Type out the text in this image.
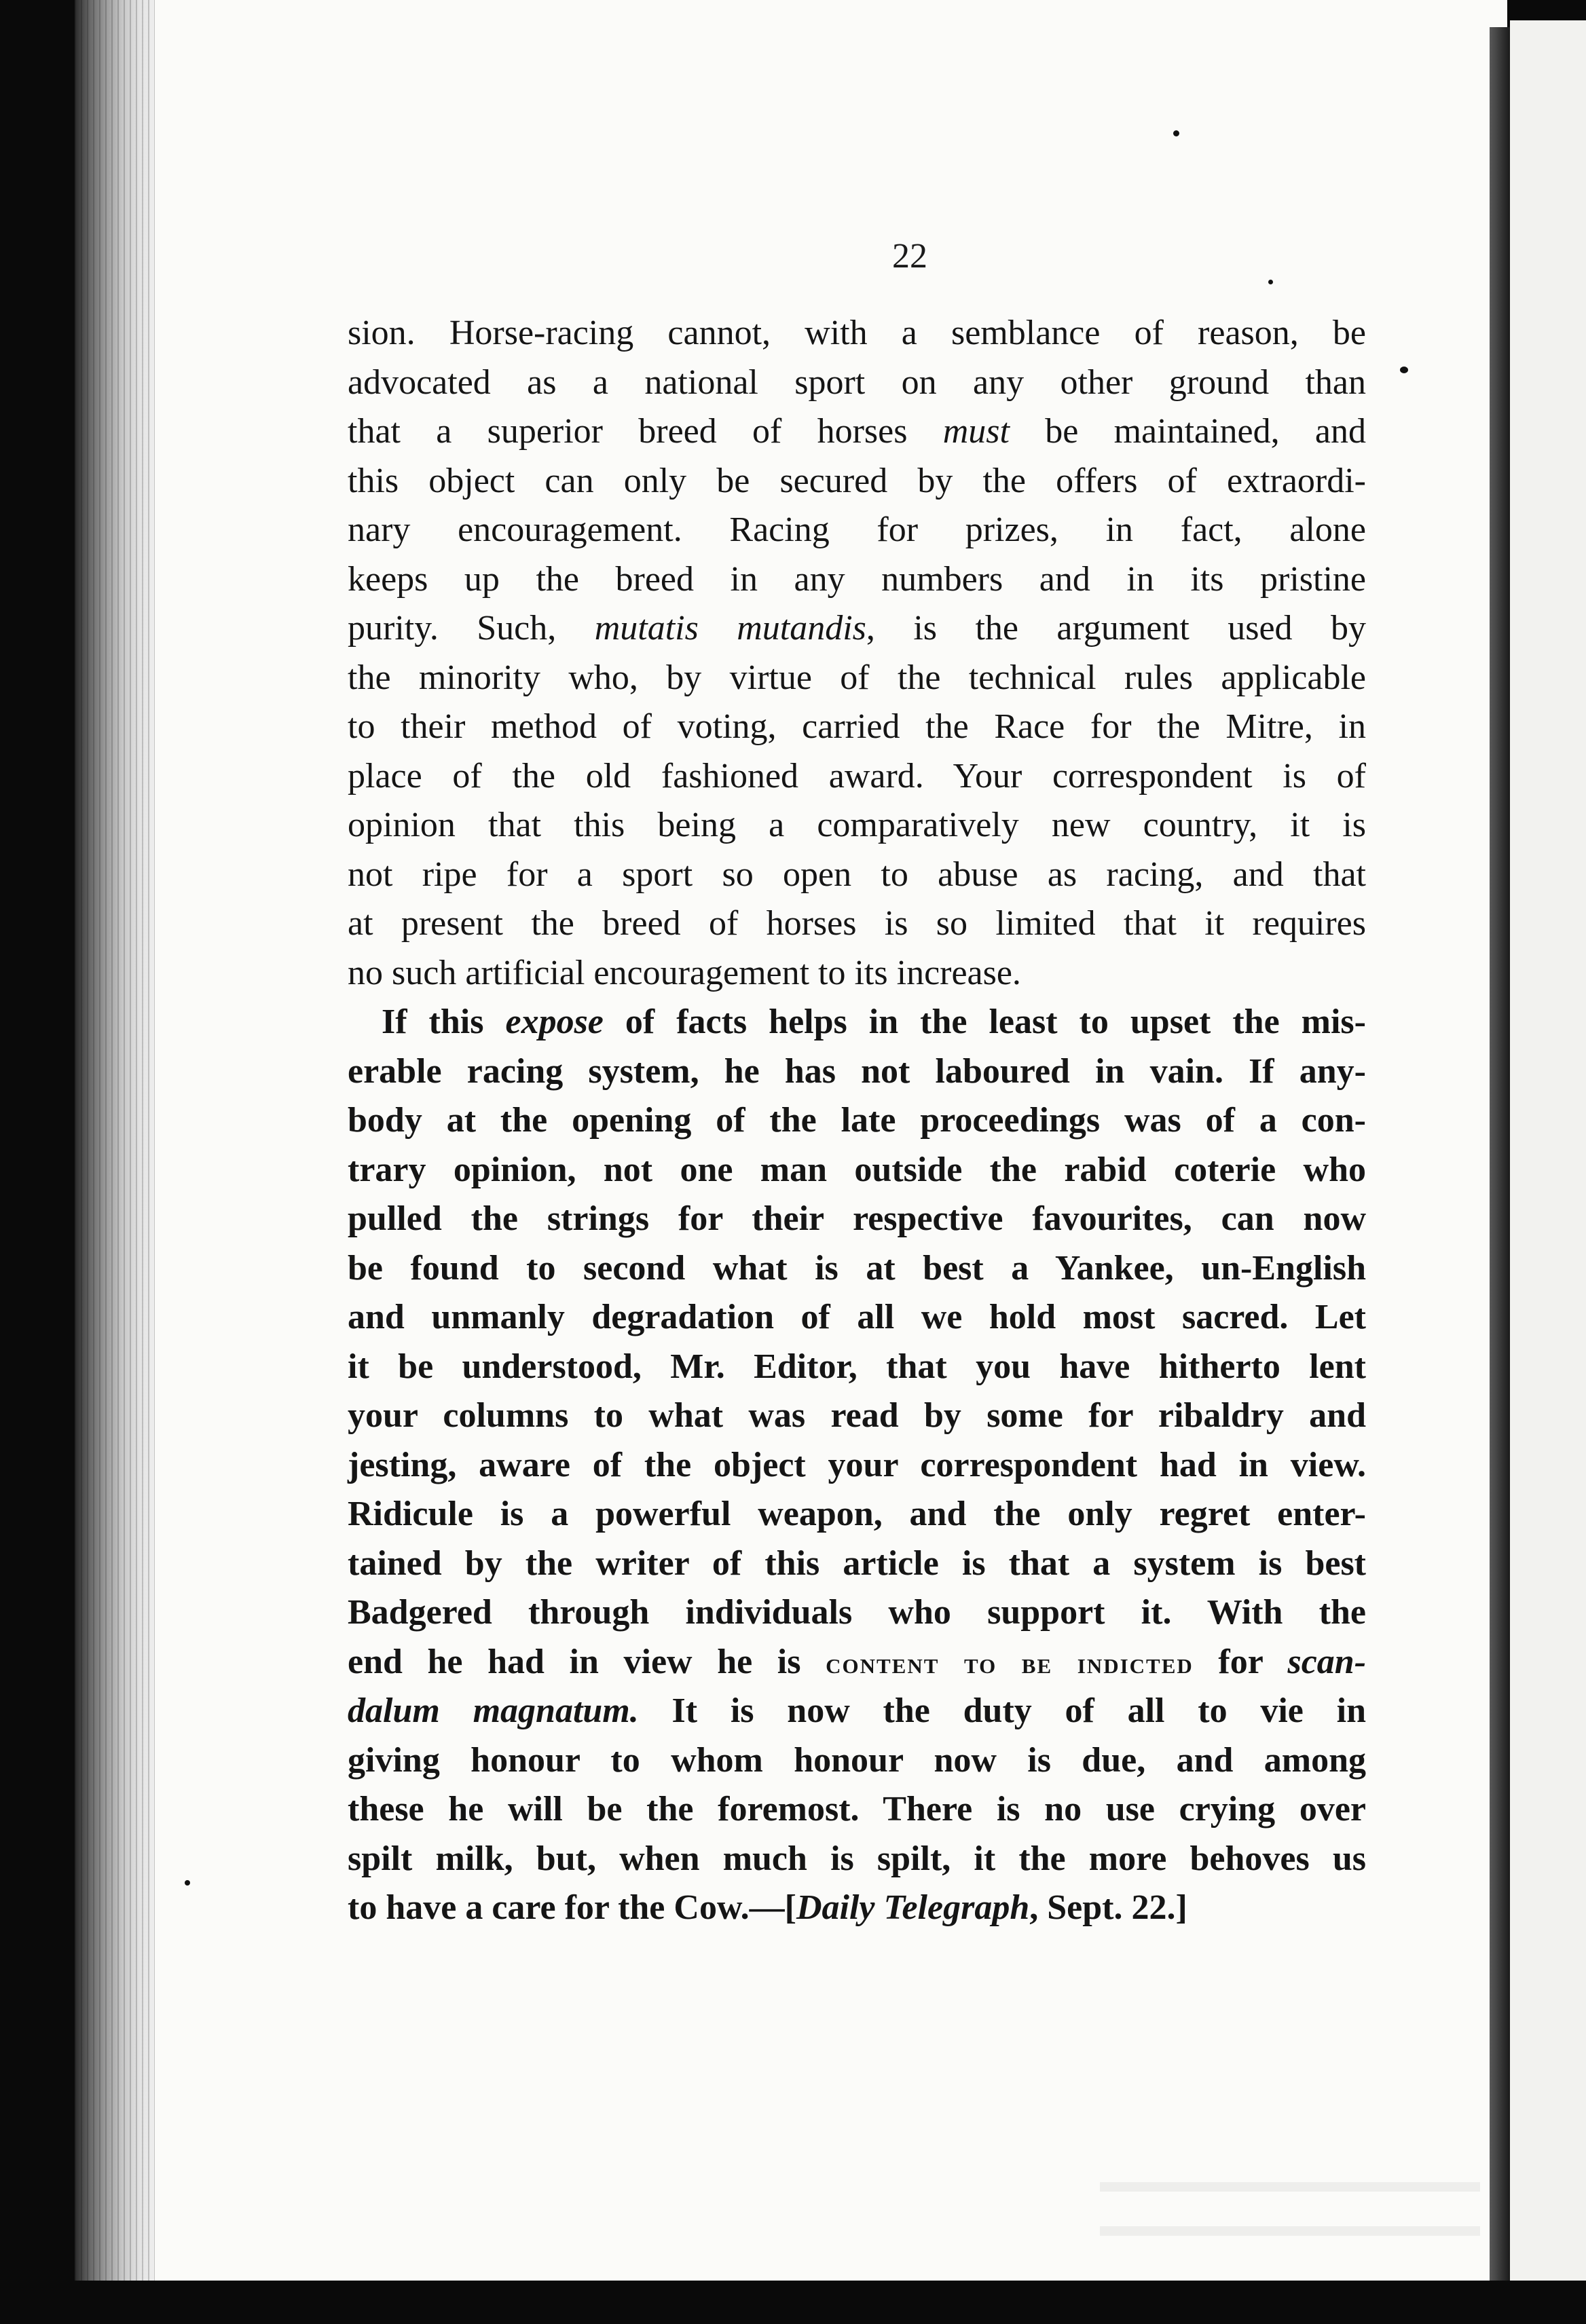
22
sion. Horse-racing cannot, with a semblance of reason, be
advocated as a national sport on any other ground than
that a superior breed of horses must be maintained, and
this object can only be secured by the offers of extraordi-
nary encouragement. Racing for prizes, in fact, alone
keeps up the breed in any numbers and in its pristine
purity. Such, mutatis mutandis, is the argument used by
the minority who, by virtue of the technical rules applicable
to their method of voting, carried the Race for the Mitre, in
place of the old fashioned award. Your correspondent is of
opinion that this being a comparatively new country, it is
not ripe for a sport so open to abuse as racing, and that
at present the breed of horses is so limited that it requires
no such artificial encouragement to its increase.
If this expose of facts helps in the least to upset the mis-
erable racing system, he has not laboured in vain. If any-
body at the opening of the late proceedings was of a con-
trary opinion, not one man outside the rabid coterie who
pulled the strings for their respective favourites, can now
be found to second what is at best a Yankee, un-English
and unmanly degradation of all we hold most sacred. Let
it be understood, Mr. Editor, that you have hitherto lent
your columns to what was read by some for ribaldry and
jesting, aware of the object your correspondent had in view.
Ridicule is a powerful weapon, and the only regret enter-
tained by the writer of this article is that a system is best
Badgered through individuals who support it. With the
end he had in view he is content to be indicted for scan-
dalum magnatum. It is now the duty of all to vie in
giving honour to whom honour now is due, and among
these he will be the foremost. There is no use crying over
spilt milk, but, when much is spilt, it the more behoves us
to have a care for the Cow.—[Daily Telegraph, Sept. 22.]
